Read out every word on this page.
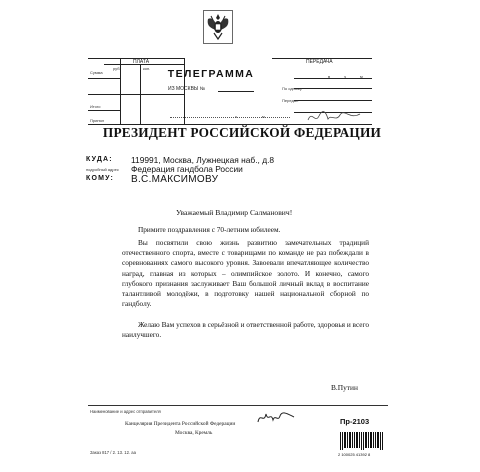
ПЛАТА
руб.	коп.
Сумма
Итого
Принял
ПЕРЕДАЧА
в	ч	м
По одному
Передал
ТЕЛЕГРАММА
ИЗ МОСКВЫ №
ч	м
ПРЕЗИДЕНТ РОССИЙСКОЙ ФЕДЕРАЦИИ
КУДА:
подробный адрес
119991, Москва, Лужнецкая наб., д.8
Федерация гандбола России
КОМУ: В.С.МАКСИМОВУ
Уважаемый Владимир Салманович!
Примите поздравления с 70-летним юбилеем.
Вы посвятили свою жизнь развитию замечательных традиций отечественного спорта, вместе с товарищами по команде не раз побеждали в соревнованиях самого высокого уровня. Завоевали впечатляющее количество наград, главная из которых – олимпийское золото. И конечно, самого глубокого признания заслуживает Ваш большой личный вклад в воспитание талантливой молодёжи, в подготовку нашей национальной сборной по гандболу.
Желаю Вам успехов в серьёзной и ответственной работе, здоровья и всего наилучшего.
В.Путин
Наименование и адрес отправителя
Канцелярия Президента Российской Федерации
Москва, Кремль
Заказ 817 / 2. 13. 12. аа
Пр-2103
2 100025 41392 8
